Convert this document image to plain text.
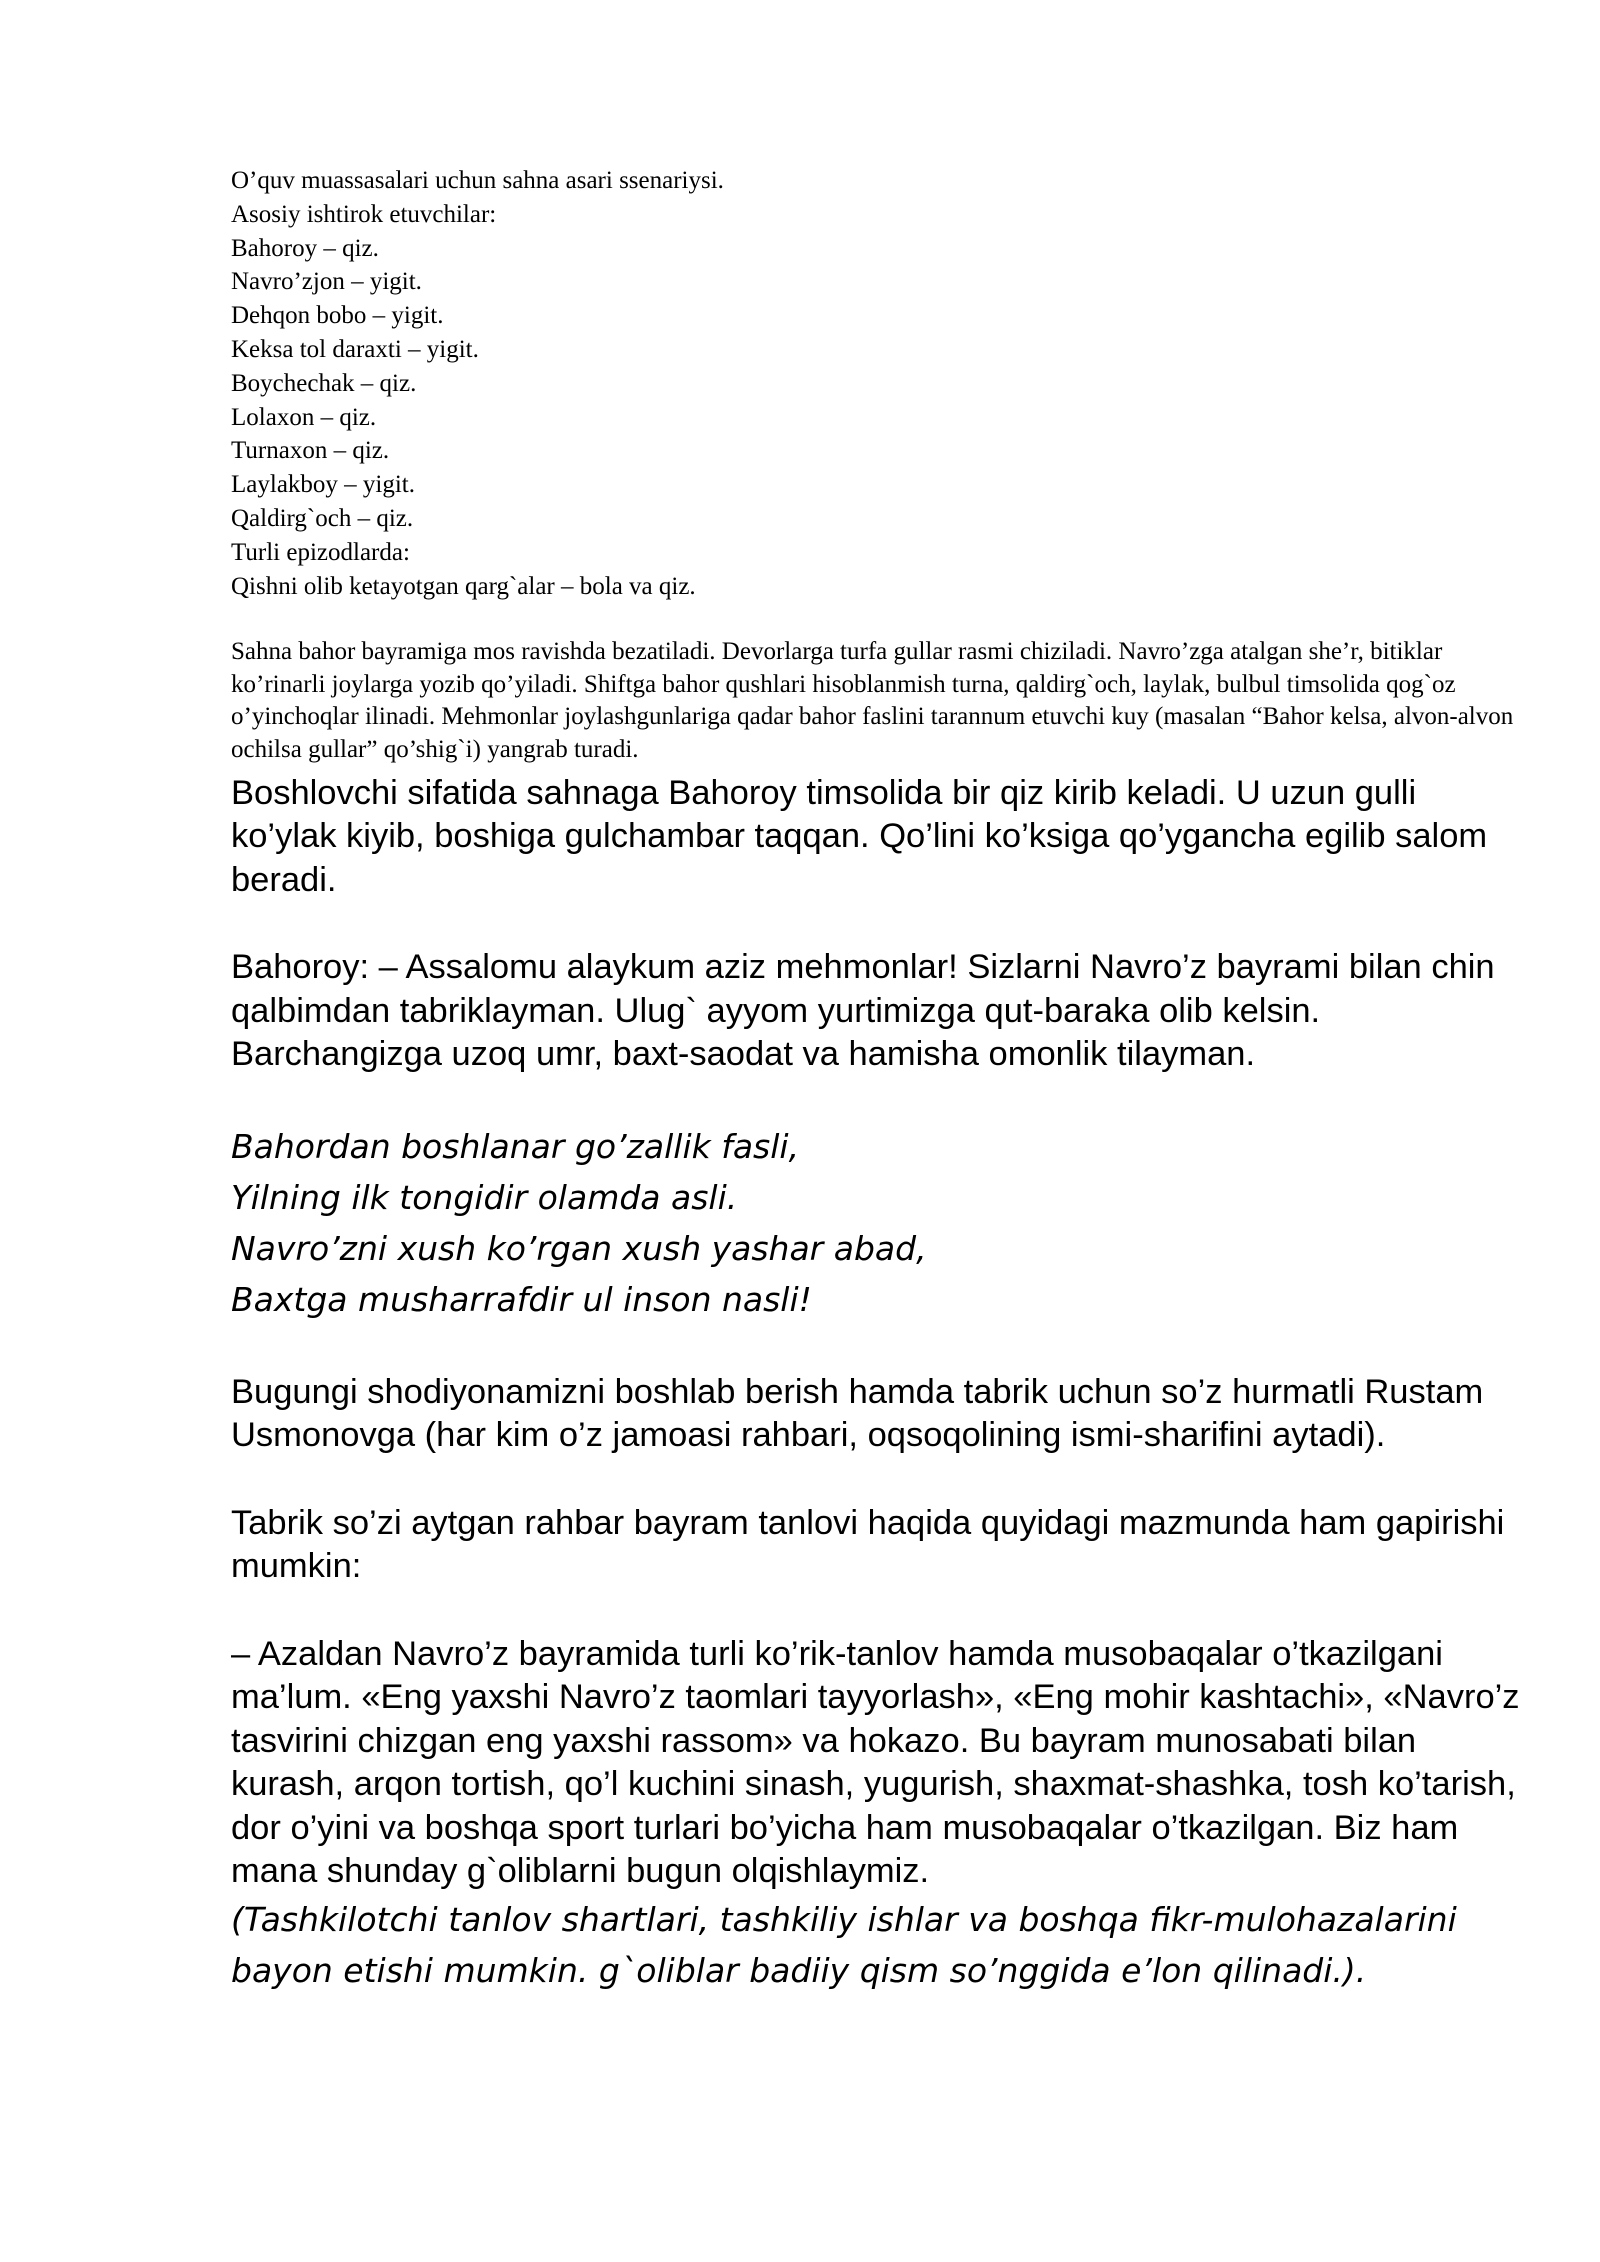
O’quv muassasalari uchun sahna asari ssenariysi.
Asosiy ishtirok etuvchilar:
Bahoroy – qiz.
Navro’zjon – yigit.
Dehqon bobo – yigit.
Keksa tol daraxti – yigit.
Boychechak – qiz.
Lolaxon – qiz.
Turnaxon – qiz.
Laylakboy – yigit.
Qaldirg`och – qiz.
Turli epizodlarda:
Qishni olib ketayotgan qarg`alar – bola va qiz.
Sahna bahor bayramiga mos ravishda bezatiladi. Devorlarga turfa gullar rasmi chiziladi. Navro’zga atalgan she’r, bitiklar ko’rinarli joylarga yozib qo’yiladi. Shiftga bahor qushlari hisoblanmish turna, qaldirg`och, laylak, bulbul timsolida qog`oz o’yinchoqlar ilinadi. Mehmonlar joylashgunlariga qadar bahor faslini tarannum etuvchi kuy (masalan “Bahor kelsa, alvon-alvon ochilsa gullar” qo’shig`i) yangrab turadi.
Boshlovchi sifatida sahnaga Bahoroy timsolida bir qiz kirib keladi. U uzun gulli ko’ylak kiyib, boshiga gulchambar taqqan. Qo’lini ko’ksiga qo’ygancha egilib salom beradi.
Bahoroy: – Assalomu alaykum aziz mehmonlar! Sizlarni Navro’z bayrami bilan chin qalbimdan tabriklayman. Ulug` ayyom yurtimizga qut-baraka olib kelsin. Barchangizga uzoq umr, baxt-saodat va hamisha omonlik tilayman.
Bahordan boshlanar go’zallik fasli,
Yilning ilk tongidir olamda asli.
Navro’zni xush ko’rgan xush yashar abad,
Baxtga musharrafdir ul inson nasli!
Bugungi shodiyonamizni boshlab berish hamda tabrik uchun so’z hurmatli Rustam Usmonovga (har kim o’z jamoasi rahbari, oqsoqolining ismi-sharifini aytadi).
Tabrik so’zi aytgan rahbar bayram tanlovi haqida quyidagi mazmunda ham gapirishi mumkin:
– Azaldan Navro’z bayramida turli ko’rik-tanlov hamda musobaqalar o’tkazilgani ma’lum. «Eng yaxshi Navro’z taomlari tayyorlash», «Eng mohir kashtachi», «Navro’z tasvirini chizgan eng yaxshi rassom» va hokazo. Bu bayram munosabati bilan kurash, arqon tortish, qo’l kuchini sinash, yugurish, shaxmat-shashka, tosh ko’tarish, dor o’yini va boshqa sport turlari bo’yicha ham musobaqalar o’tkazilgan. Biz ham mana shunday g`oliblarni bugun olqishlaymiz.
(Tashkilotchi tanlov shartlari, tashkiliy ishlar va boshqa fikr-mulohazalarini bayon etishi mumkin. g`oliblar badiiy qism so’nggida e’lon qilinadi.).
